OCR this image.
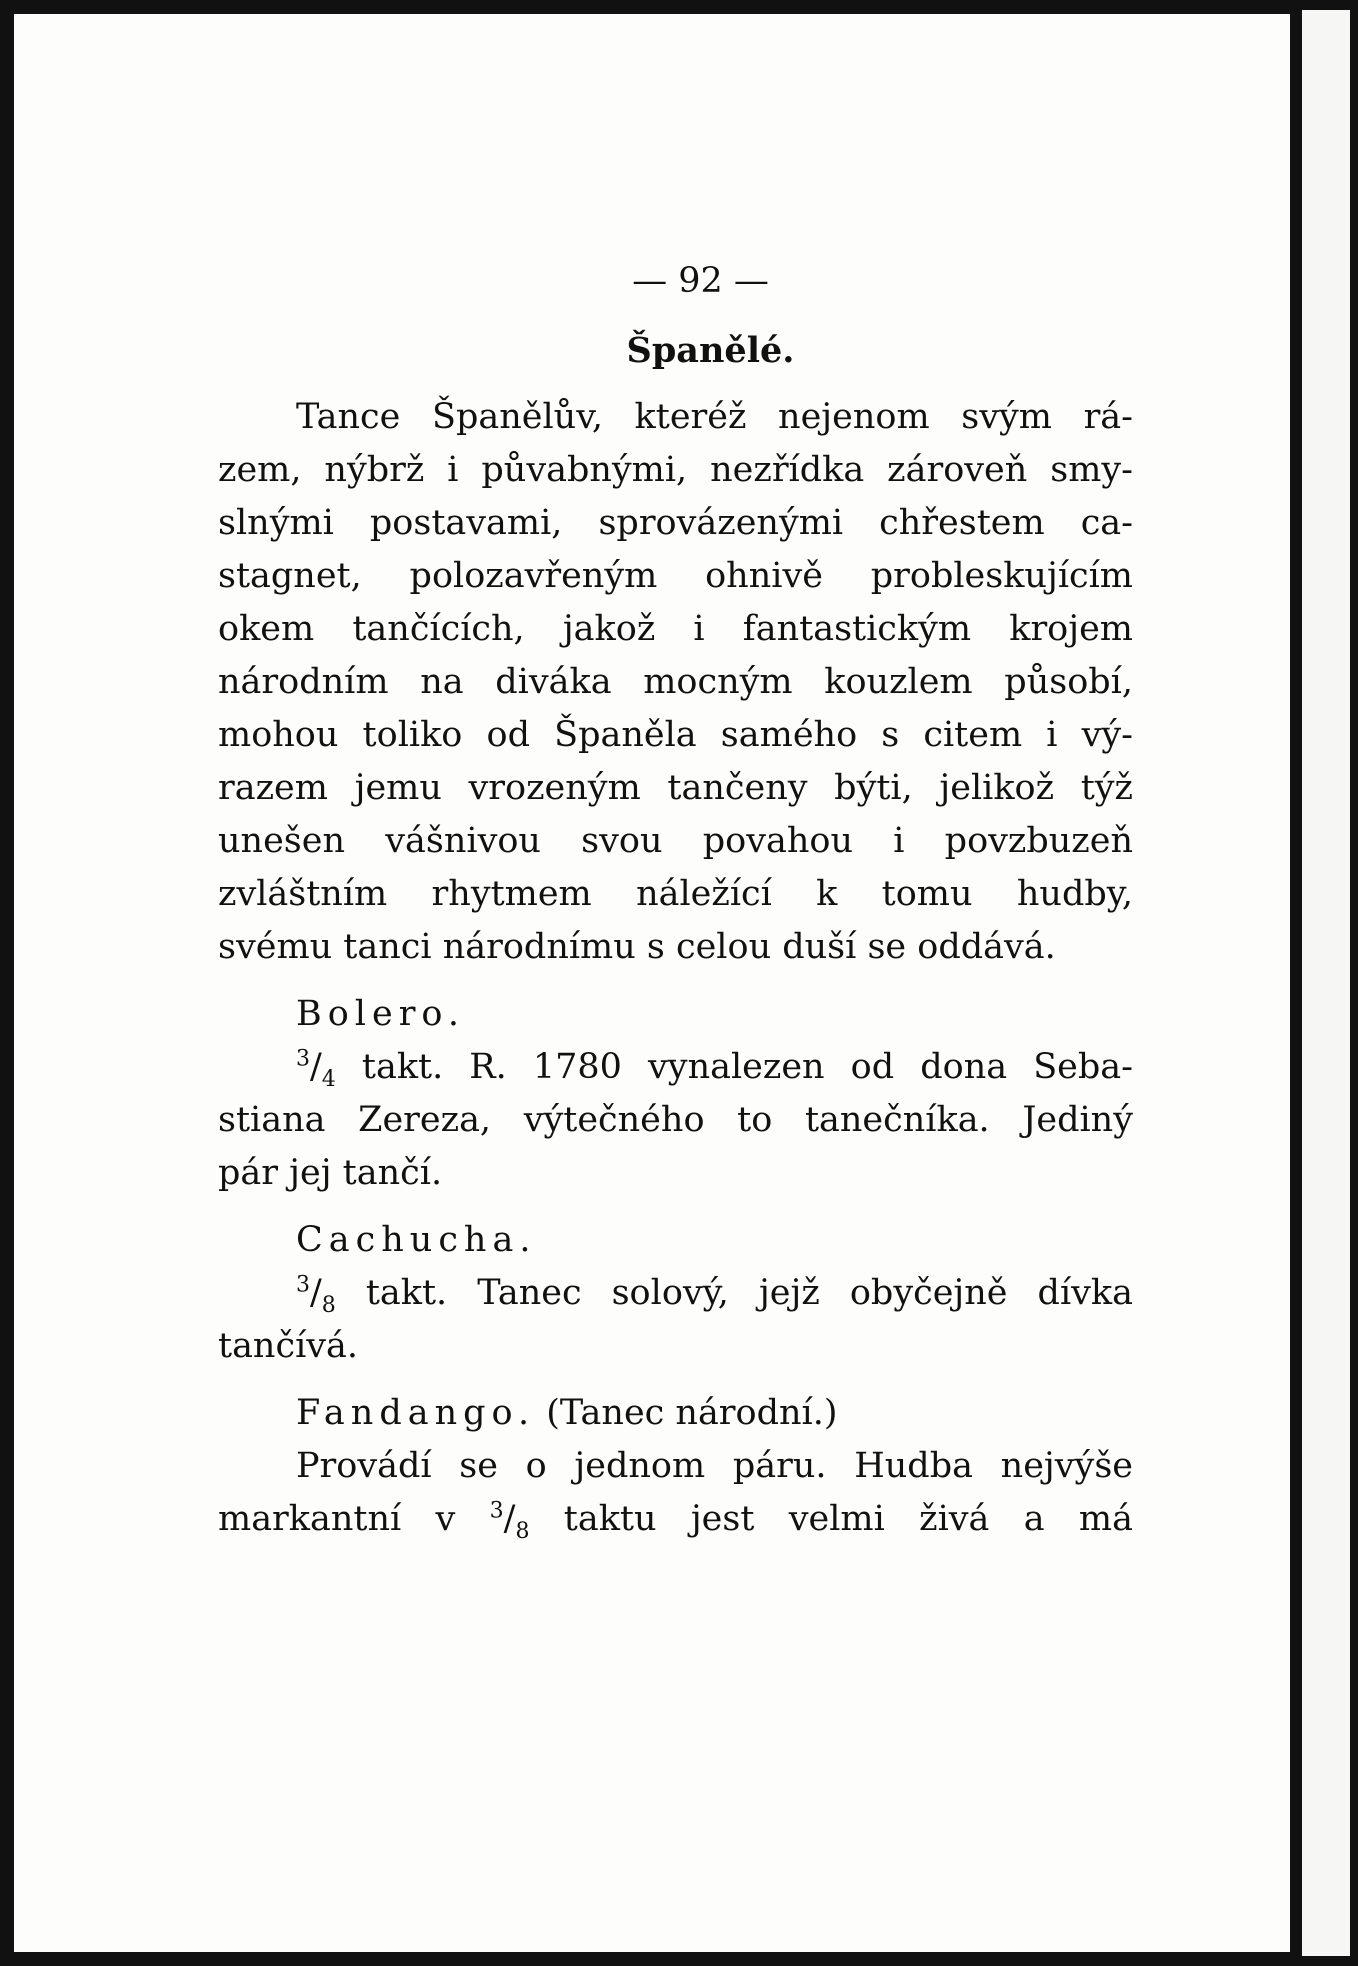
— 92 —
Španělé.
Tance Španělův, kteréž nejenom svým rá-
zem, nýbrž i půvabnými, nezřídka zároveň smy-
slnými postavami, sprovázenými chřestem ca-
stagnet, polozavřeným ohnivě probleskujícím
okem tančících, jakož i fantastickým krojem
národním na diváka mocným kouzlem působí,
mohou toliko od Španěla samého s citem i vý-
razem jemu vrozeným tančeny býti, jelikož týž
unešen vášnivou svou povahou i povzbuzeň
zvláštním rhytmem náležící k tomu hudby,
svému tanci národnímu s celou duší se oddává.
Bolero.
$^3/_4$ takt. R. 1780 vynalezen od dona Seba-
stiana Zereza, výtečného to tanečníka. Jediný
pár jej tančí.
Cachucha.
$^3/_8$ takt. Tanec solový, jejž obyčejně dívka
tančívá.
Fandango. (Tanec národní.)
Provádí se o jednom páru. Hudba nejvýše
markantní v $^3/_8$ taktu jest velmi živá a má
